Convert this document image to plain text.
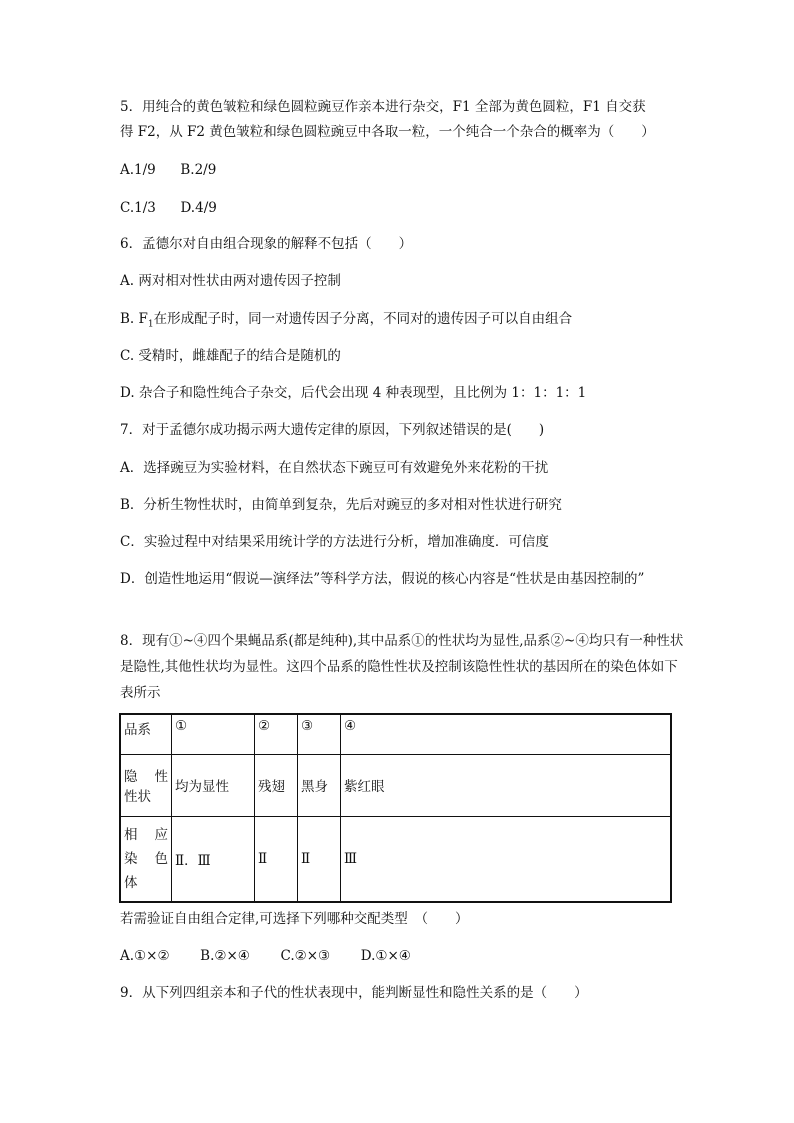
5．用纯合的黄色皱粒和绿色圆粒豌豆作亲本进行杂交，F1 全部为黄色圆粒，F1 自交获
得 F2，从 F2 黄色皱粒和绿色圆粒豌豆中各取一粒，一个纯合一个杂合的概率为（　　）
A.1/9 B.2/9
C.1/3 D.4/9
6．孟德尔对自由组合现象的解释不包括（　　）
A. 两对相对性状由两对遗传因子控制
B. $F_1$在形成配子时，同一对遗传因子分离，不同对的遗传因子可以自由组合
C. 受精时，雌雄配子的结合是随机的
D. 杂合子和隐性纯合子杂交，后代会出现 4 种表现型，且比例为 1：1：1：1
7．对于孟德尔成功揭示两大遗传定律的原因，下列叙述错误的是(　　)
A．选择豌豆为实验材料，在自然状态下豌豆可有效避免外来花粉的干扰
B．分析生物性状时，由简单到复杂，先后对豌豆的多对相对性状进行研究
C．实验过程中对结果采用统计学的方法进行分析，增加准确度．可信度
D．创造性地运用“假说—演绎法”等科学方法，假说的核心内容是“性状是由基因控制的”
8．现有①~④四个果蝇品系(都是纯种),其中品系①的性状均为显性,品系②~④均只有一种性状是隐性,其他性状均为显性。这四个品系的隐性性状及控制该隐性性状的基因所在的染色体如下表所示
品系	①	②	③	④

隐 性
性状	均为显性	残翅	黑身	紫红眼

相 应
染 色
体	Ⅱ．Ⅲ	Ⅱ	Ⅱ	Ⅲ
若需验证自由组合定律,可选择下列哪种交配类型　（　　）
A.①×② B.②×④ C.②×③ D.①×④
9．从下列四组亲本和子代的性状表现中，能判断显性和隐性关系的是（　　）
